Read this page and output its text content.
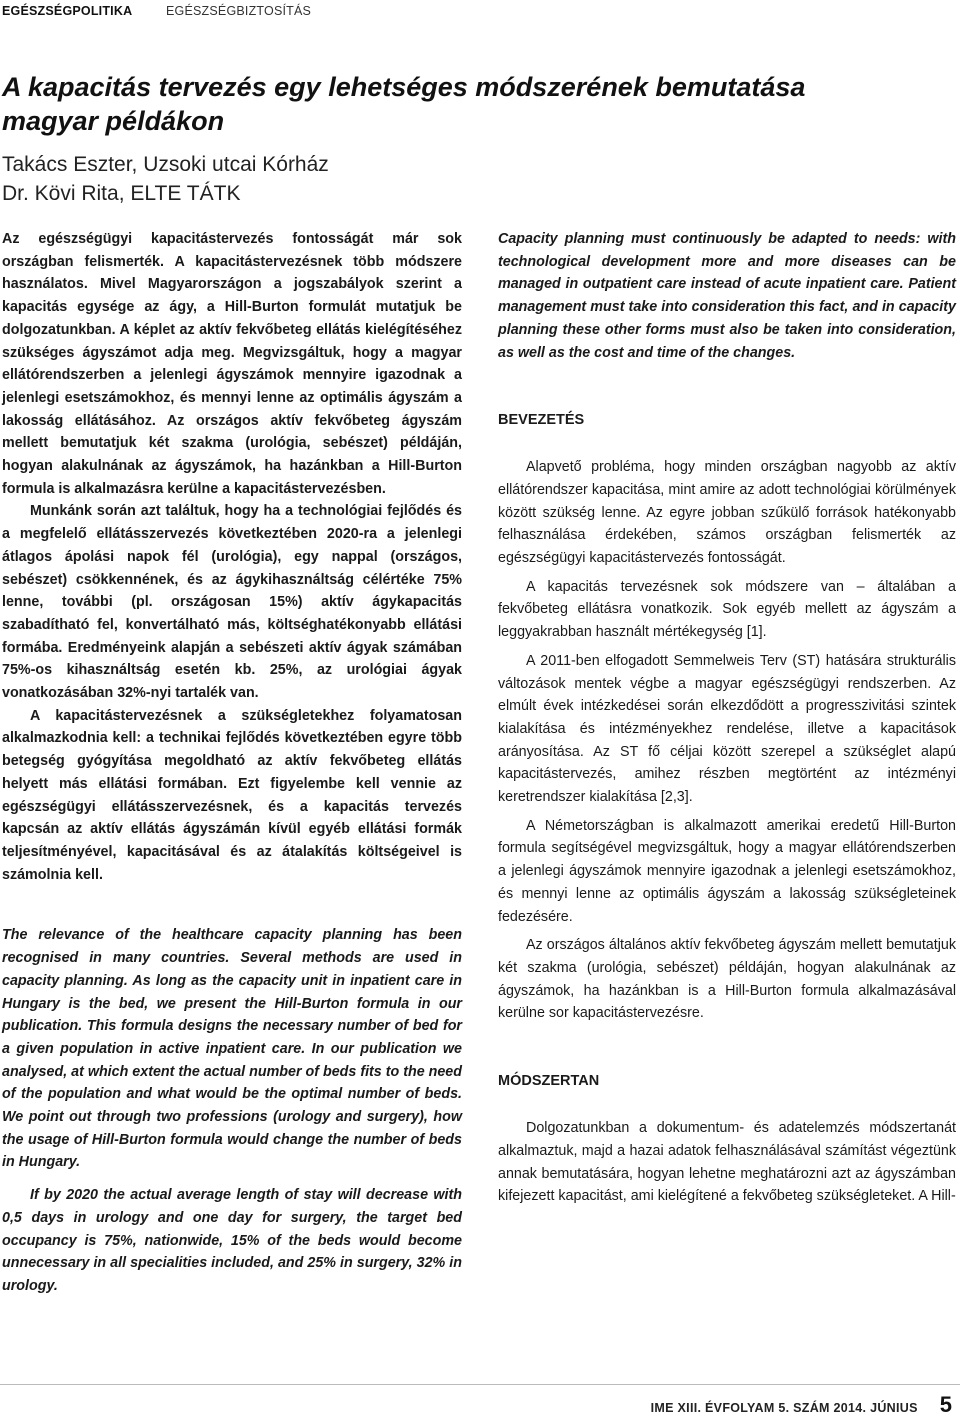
EGÉSZSÉGPOLITIKA	EGÉSZSÉGBIZTOSÍTÁS
A kapacitás tervezés egy lehetséges módszerének bemutatása magyar példákon
Takács Eszter, Uzsoki utcai Kórház
Dr. Kövi Rita, ELTE TÁTK

Az egészségügyi kapacitástervezés fontosságát már sok országban felismerték. A kapacitástervezésnek több módszere használatos. Mivel Magyarországon a jogszabályok szerint a kapacitás egysége az ágy, a Hill-Burton formulát mutatjuk be dolgozatunkban. A képlet az aktív fekvőbeteg ellátás kielégítéséhez szükséges ágyszámot adja meg. Megvizsgáltuk, hogy a magyar ellátórendszerben a jelenlegi ágyszámok mennyire igazodnak a jelenlegi esetszámokhoz, és mennyi lenne az optimális ágyszám a lakosság ellátásához. Az országos aktív fekvőbeteg ágyszám mellett bemutatjuk két szakma (urológia, sebészet) példáján, hogyan alakulnának az ágyszámok, ha hazánkban a Hill-Burton formula is alkalmazásra kerülne a kapacitástervezésben.

Munkánk során azt találtuk, hogy ha a technológiai fejlődés és a megfelelő ellátásszervezés következtében 2020-ra a jelenlegi átlagos ápolási napok fél (urológia), egy nappal (országos, sebészet) csökkennének, és az ágykihasználtság célértéke 75% lenne, további (pl. országosan 15%) aktív ágykapacitás szabadítható fel, konvertálható más, költséghatékonyabb ellátási formába. Eredményeink alapján a sebészeti aktív ágyak számában 75%-os kihasználtság esetén kb. 25%, az urológiai ágyak vonatkozásában 32%-nyi tartalék van.

A kapacitástervezésnek a szükségletekhez folyamatosan alkalmazkodnia kell: a technikai fejlődés következtében egyre több betegség gyógyítása megoldható az aktív fekvőbeteg ellátás helyett más ellátási formában. Ezt figyelembe kell vennie az egészségügyi ellátásszervezésnek, és a kapacitás tervezés kapcsán az aktív ellátás ágyszámán kívül egyéb ellátási formák teljesítményével, kapacitásával és az átalakítás költségeivel is számolnia kell.

The relevance of the healthcare capacity planning has been recognised in many countries. Several methods are used in capacity planning. As long as the capacity unit in inpatient care in Hungary is the bed, we present the Hill-Burton formula in our publication. This formula designs the necessary number of bed for a given population in active inpatient care. In our publication we analysed, at which extent the actual number of beds fits to the need of the population and what would be the optimal number of beds. We point out through two professions (urology and surgery), how the usage of Hill-Burton formula would change the number of beds in Hungary.

If by 2020 the actual average length of stay will decrease with 0,5 days in urology and one day for surgery, the target bed occupancy is 75%, nationwide, 15% of the beds would become unnecessary in all specialities included, and 25% in surgery, 32% in urology.

Capacity planning must continuously be adapted to needs: with technological development more and more diseases can be managed in outpatient care instead of acute inpatient care. Patient management must take into consideration this fact, and in capacity planning these other forms must also be taken into consideration, as well as the cost and time of the changes.

BEVEZETÉS

Alapvető probléma, hogy minden országban nagyobb az aktív ellátórendszer kapacitása, mint amire az adott technológiai körülmények között szükség lenne. Az egyre jobban szűkülő források hatékonyabb felhasználása érdekében, számos országban felismerték az egészségügyi kapacitástervezés fontosságát.

A kapacitás tervezésnek sok módszere van – általában a fekvőbeteg ellátásra vonatkozik. Sok egyéb mellett az ágyszám a leggyakrabban használt mértékegység [1].

A 2011-ben elfogadott Semmelweis Terv (ST) hatására strukturális változások mentek végbe a magyar egészségügyi rendszerben. Az elmúlt évek intézkedései során elkezdődött a progresszivitási szintek kialakítása és intézményekhez rendelése, illetve a kapacitások arányosítása. Az ST fő céljai között szerepel a szükséglet alapú kapacitástervezés, amihez részben megtörtént az intézményi keretrendszer kialakítása [2,3].

A Németországban is alkalmazott amerikai eredetű Hill-Burton formula segítségével megvizsgáltuk, hogy a magyar ellátórendszerben a jelenlegi ágyszámok mennyire igazodnak a jelenlegi esetszámokhoz, és mennyi lenne az optimális ágyszám a lakosság szükségleteinek fedezésére.

Az országos általános aktív fekvőbeteg ágyszám mellett bemutatjuk két szakma (urológia, sebészet) példáján, hogyan alakulnának az ágyszámok, ha hazánkban is a Hill-Burton formula alkalmazásával kerülne sor kapacitástervezésre.

MÓDSZERTAN

Dolgozatunkban a dokumentum- és adatelemzés módszertanát alkalmaztuk, majd a hazai adatok felhasználásával számítást végeztünk annak bemutatására, hogyan lehetne meghatározni azt az ágyszámban kifejezett kapacitást, ami kielégítené a fekvőbeteg szükségleteket. A Hill-

IME XIII. ÉVFOLYAM 5. SZÁM 2014. JÚNIUS 5
